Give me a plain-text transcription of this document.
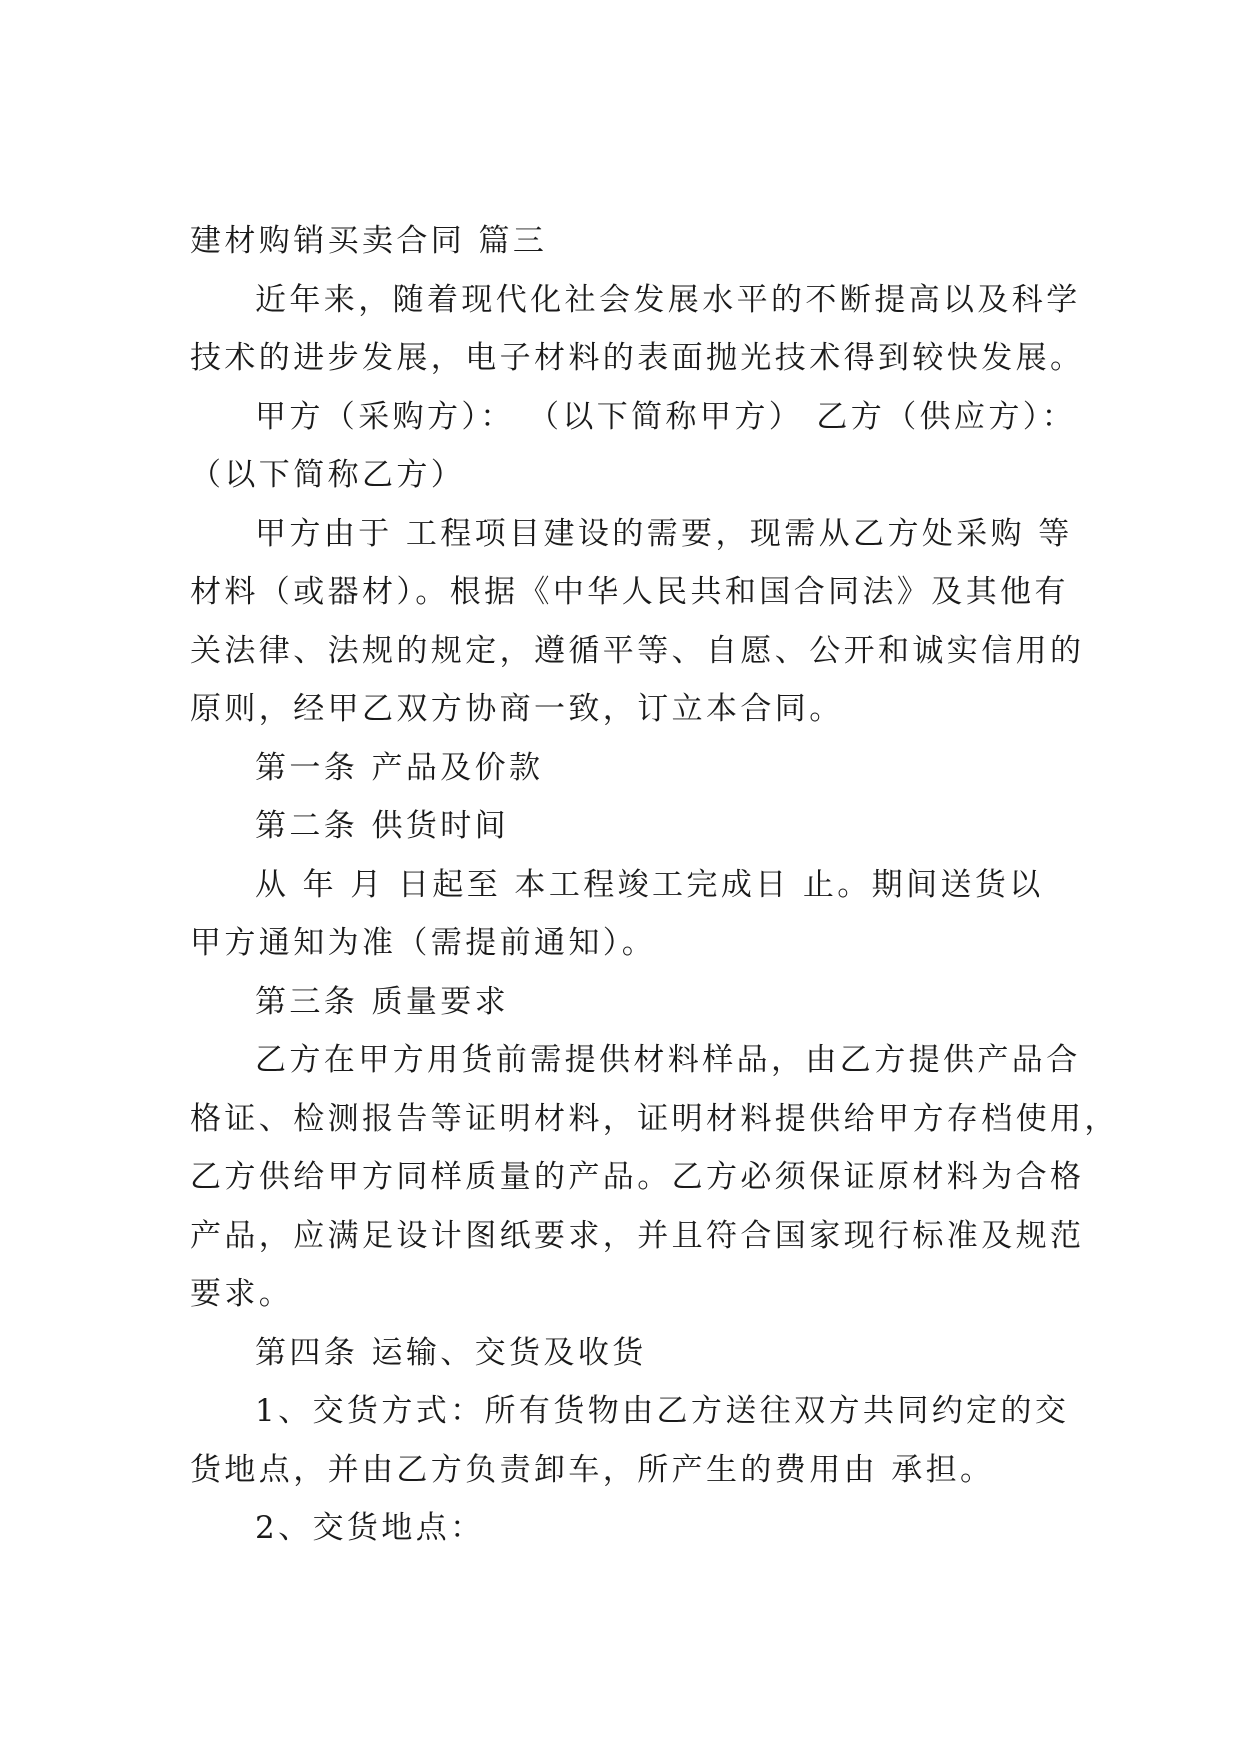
建材购销买卖合同 篇三
近年来，随着现代化社会发展水平的不断提高以及科学
技术的进步发展，电子材料的表面抛光技术得到较快发展。
甲方（采购方）： （以下简称甲方） 乙方（供应方）：
（以下简称乙方）
甲方由于 工程项目建设的需要，现需从乙方处采购 等
材料（或器材）。根据《中华人民共和国合同法》及其他有
关法律、法规的规定，遵循平等、自愿、公开和诚实信用的
原则，经甲乙双方协商一致，订立本合同。
第一条 产品及价款
第二条 供货时间
从 年 月 日起至 本工程竣工完成日 止。期间送货以
甲方通知为准（需提前通知）。
第三条 质量要求
乙方在甲方用货前需提供材料样品，由乙方提供产品合
格证、检测报告等证明材料，证明材料提供给甲方存档使用，
乙方供给甲方同样质量的产品。乙方必须保证原材料为合格
产品，应满足设计图纸要求，并且符合国家现行标准及规范
要求。
第四条 运输、交货及收货
1、交货方式：所有货物由乙方送往双方共同约定的交
货地点，并由乙方负责卸车，所产生的费用由 承担。
2、交货地点：
